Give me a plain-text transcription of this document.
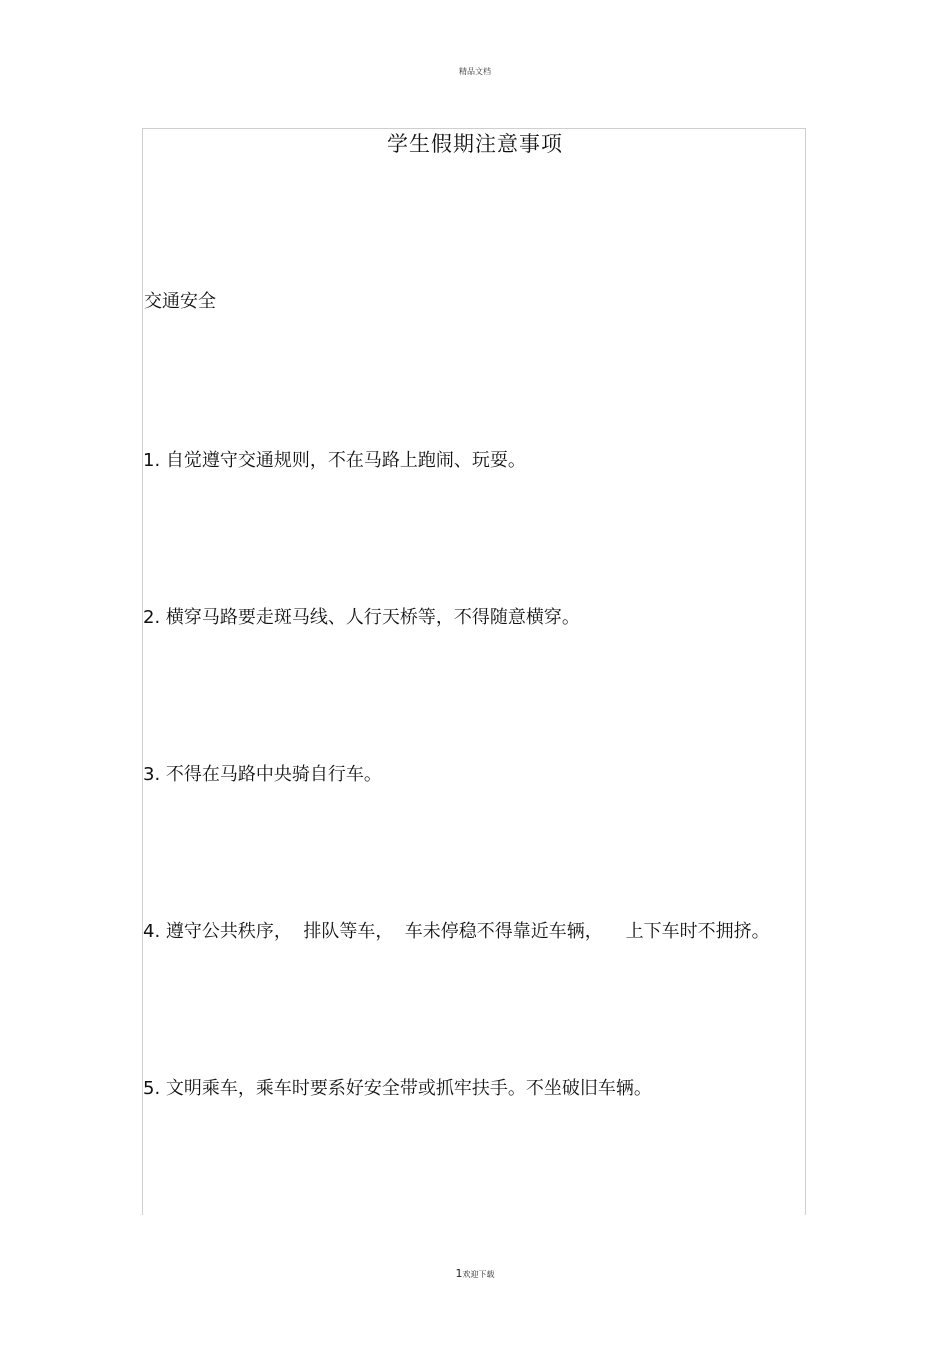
精品文档
学生假期注意事项
交通安全
1. 自觉遵守交通规则，不在马路上跑闹、玩耍。
2. 横穿马路要走斑马线、人行天桥等，不得随意横穿。
3. 不得在马路中央骑自行车。
4. 遵守公共秩序，  排队等车，  车未停稳不得靠近车辆，    上下车时不拥挤。
5. 文明乘车，乘车时要系好安全带或抓牢扶手。不坐破旧车辆。
1欢迎下载
